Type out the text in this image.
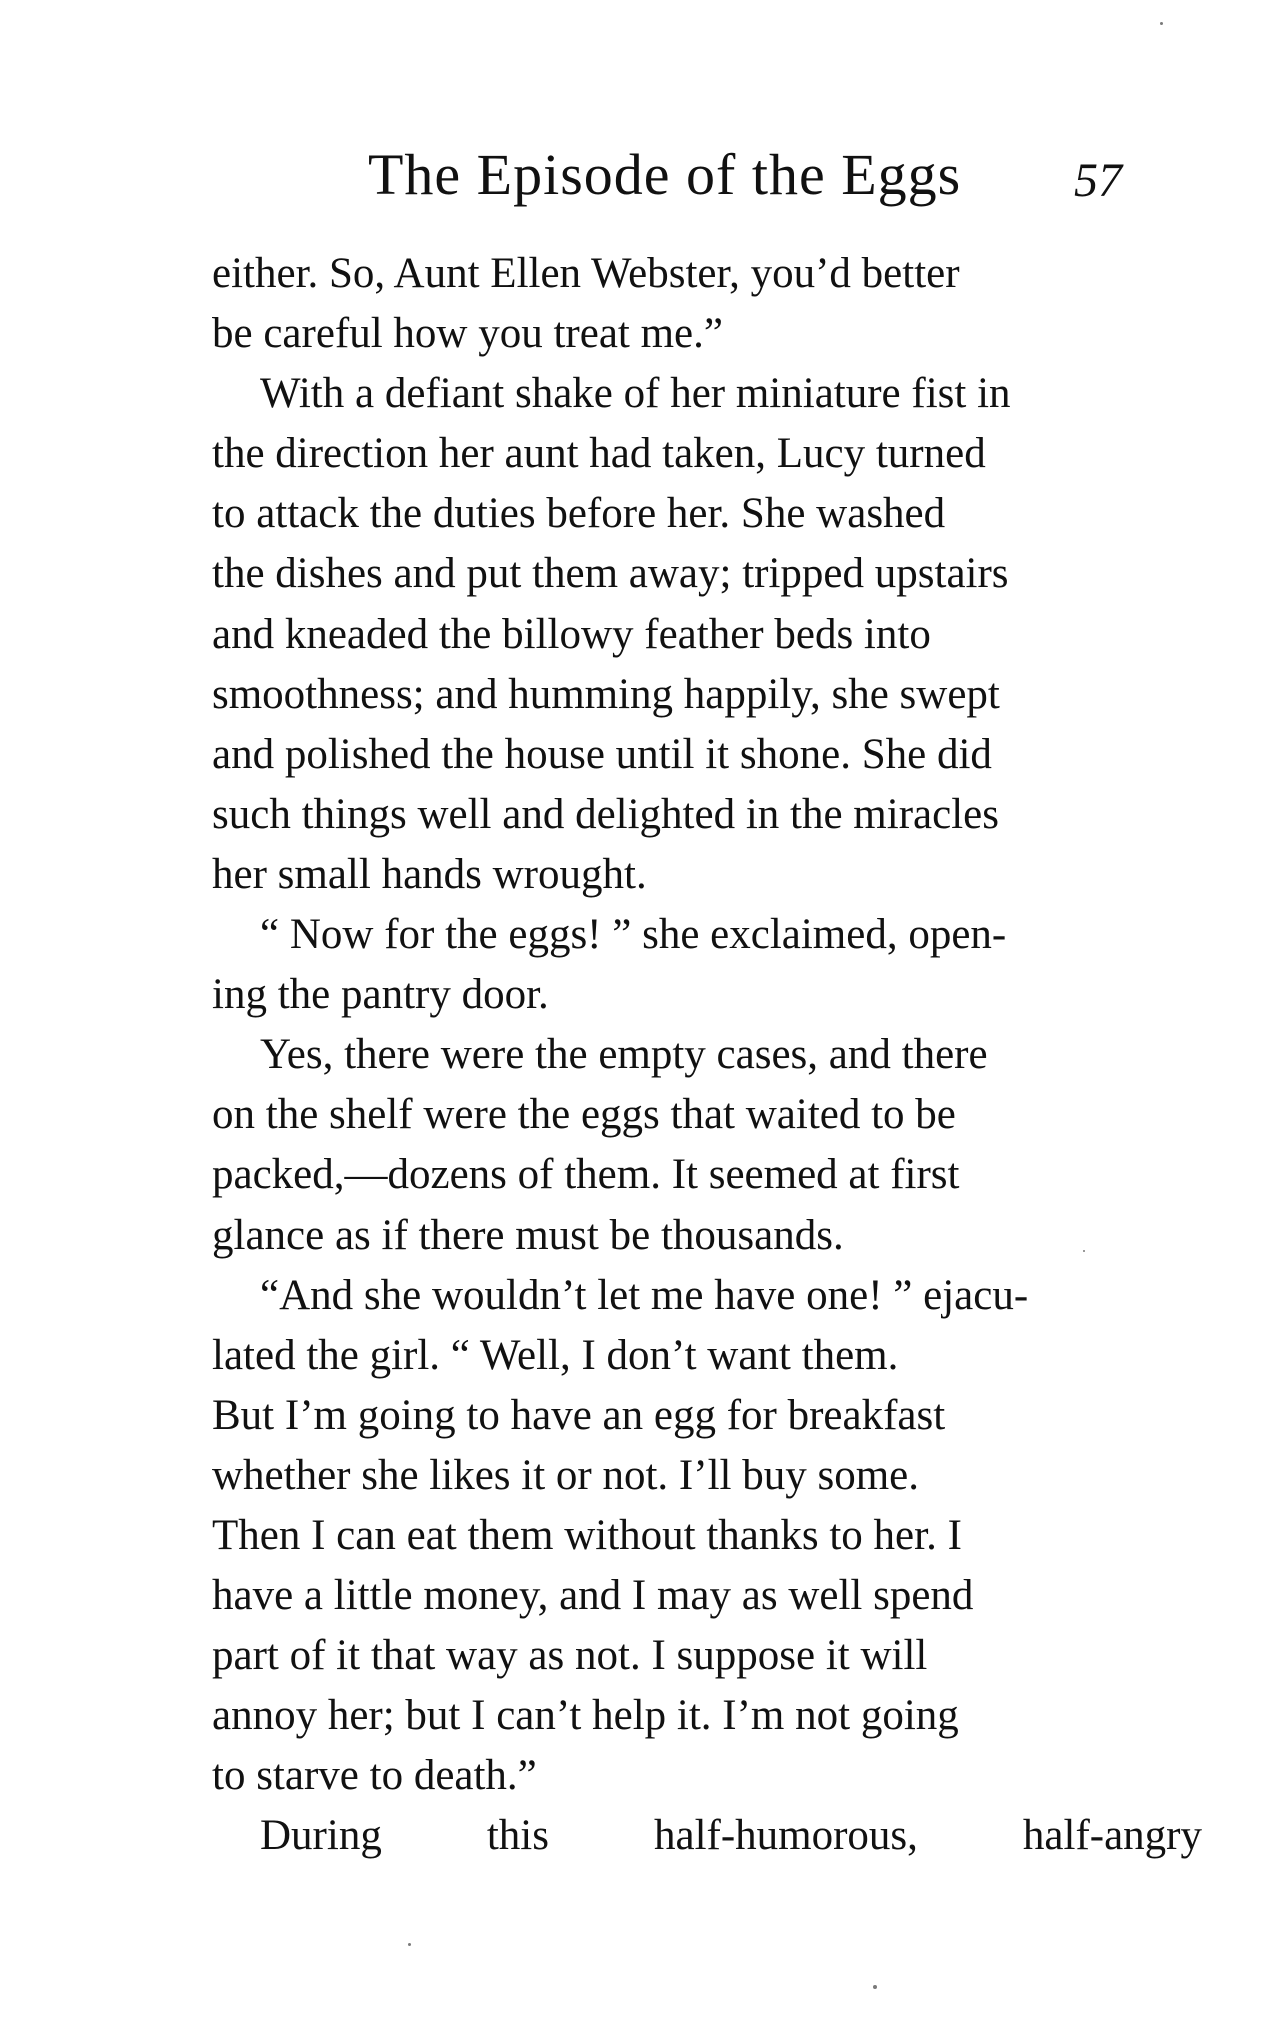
The Episode of the Eggs 57

either. So, Aunt Ellen Webster, you’d better
be careful how you treat me.”

With a defiant shake of her miniature fist in
the direction her aunt had taken, Lucy turned
to attack the duties before her. She washed
the dishes and put them away; tripped upstairs
and kneaded the billowy feather beds into
smoothness; and humming happily, she swept
and polished the house until it shone. She did
such things well and delighted in the miracles
her small hands wrought.

“ Now for the eggs! ” she exclaimed, open-
ing the pantry door.

Yes, there were the empty cases, and there
on the shelf were the eggs that waited to be
packed,—dozens of them. It seemed at first
glance as if there must be thousands.

“And she wouldn’t let me have one! ” ejacu-
lated the girl. “ Well, I don’t want them.
But I’m going to have an egg for breakfast
whether she likes it or not. I’ll buy some.
Then I can eat them without thanks to her. I
have a little money, and I may as well spend
part of it that way as not. I suppose it will
annoy her; but I can’t help it. I’m not going
to starve to death.”

During this half-humorous, half-angry
